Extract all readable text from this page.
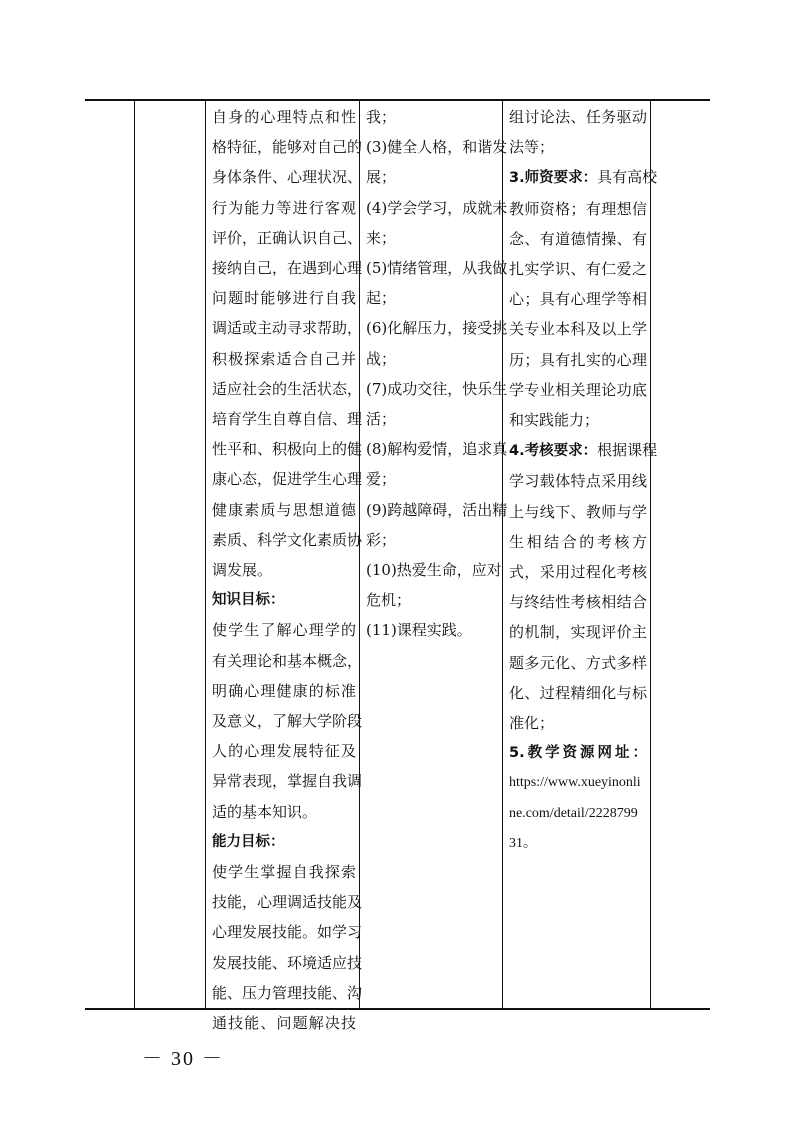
自身的心理特点和性

格特征，能够对自己的

身体条件、心理状况、

行为能力等进行客观

评价，正确认识自己、

接纳自己，在遇到心理

问题时能够进行自我

调适或主动寻求帮助，

积极探索适合自己并

适应社会的生活状态，

培育学生自尊自信、理

性平和、积极向上的健

康心态，促进学生心理

健康素质与思想道德

素质、科学文化素质协

调发展。

知识目标：

使学生了解心理学的

有关理论和基本概念，

明确心理健康的标准

及意义，了解大学阶段

人的心理发展特征及

异常表现，掌握自我调

适的基本知识。

能力目标：

使学生掌握自我探索

技能，心理调适技能及

心理发展技能。如学习

发展技能、环境适应技

能、压力管理技能、沟

通技能、问题解决技

我；

(3)健全人格，和谐发

展；

(4)学会学习，成就未

来；

(5)情绪管理，从我做

起；

(6)化解压力，接受挑

战；

(7)成功交往，快乐生

活；

(8)解构爱情，追求真

爱；

(9)跨越障碍，活出精

彩；

(10)热爱生命，应对

危机；

(11)课程实践。

组讨论法、任务驱动

法等；

3.师资要求：具有高校

教师资格；有理想信

念、有道德情操、有

扎实学识、有仁爱之

心；具有心理学等相

关专业本科及以上学

历；具有扎实的心理

学专业相关理论功底

和实践能力；

4.考核要求：根据课程

学习载体特点采用线

上与线下、教师与学

生相结合的考核方

式，采用过程化考核

与终结性考核相结合

的机制，实现评价主

题多元化、方式多样

化、过程精细化与标

准化；

5.教学资源网址：

https://www.xueyinonli

ne.com/detail/2228799

31。

－ 30 －
